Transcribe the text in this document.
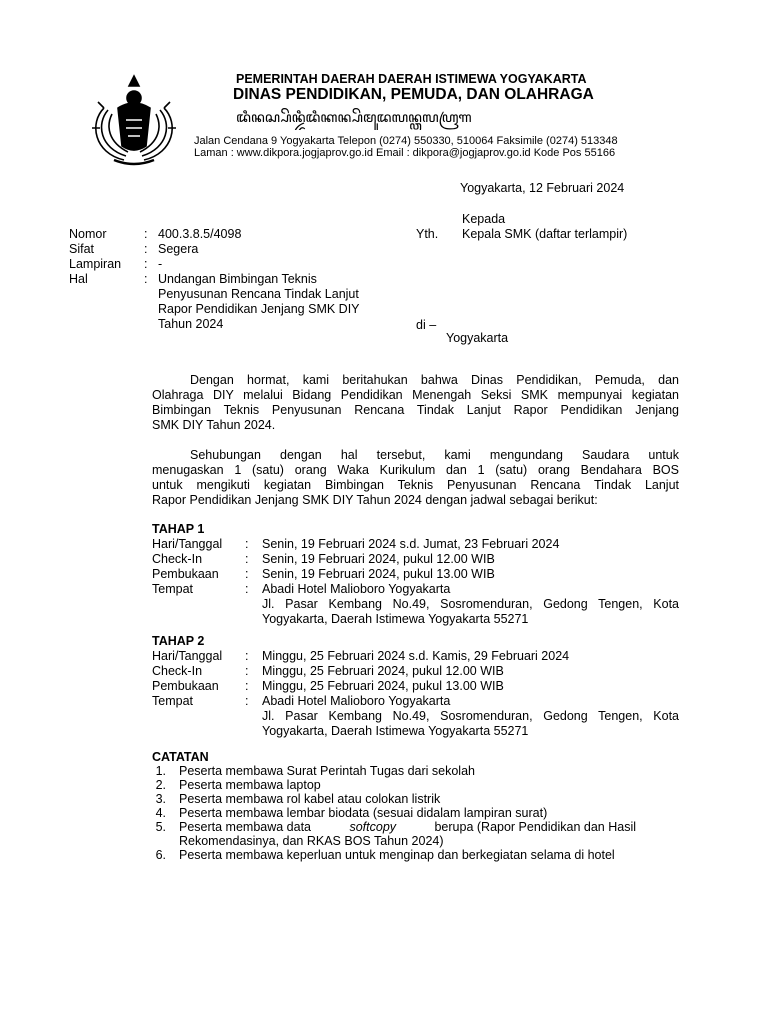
PEMERINTAH DAERAH DAERAH ISTIMEWA YOGYAKARTA
DINAS PENDIDIKAN, PEMUDA, DAN OLAHRAGA
ꦢꦶꦤꦱ꧀ꦥꦼꦤ꧀ꦢꦶꦢꦶꦏꦤ꧀ꦥꦼꦩꦸꦢꦭꦤ꧀ꦎꦭꦲꦿꦒ
Jalan Cendana 9 Yogyakarta Telepon (0274) 550330, 510064 Faksimile (0274) 513348
Laman : www.dikpora.jogjaprov.go.id Email : dikpora@jogjaprov.go.id Kode Pos 55166
Yogyakarta, 12 Februari 2024
Kepada
Yth. Kepala SMK (daftar terlampir)
di –
Yogyakarta
Nomor	: 400.3.8.5/4098
Sifat	: Segera
Lampiran : -
Hal	: Undangan Bimbingan Teknis
Penyusunan Rencana Tindak Lanjut
Rapor Pendidikan Jenjang SMK DIY
Tahun 2024
Dengan hormat, kami beritahukan bahwa Dinas Pendidikan, Pemuda, dan
Olahraga DIY melalui Bidang Pendidikan Menengah Seksi SMK mempunyai kegiatan
Bimbingan Teknis Penyusunan Rencana Tindak Lanjut Rapor Pendidikan Jenjang
SMK DIY Tahun 2024.
Sehubungan dengan hal tersebut, kami mengundang Saudara untuk
menugaskan 1 (satu) orang Waka Kurikulum dan 1 (satu) orang Bendahara BOS
untuk mengikuti kegiatan Bimbingan Teknis Penyusunan Rencana Tindak Lanjut
Rapor Pendidikan Jenjang SMK DIY Tahun 2024 dengan jadwal sebagai berikut:
TAHAP 1
Hari/Tanggal : Senin, 19 Februari 2024 s.d. Jumat, 23 Februari 2024
Check-In	: Senin, 19 Februari 2024, pukul 12.00 WIB
Pembukaan : Senin, 19 Februari 2024, pukul 13.00 WIB
Tempat	: Abadi Hotel Malioboro Yogyakarta
Jl. Pasar Kembang No.49, Sosromenduran, Gedong Tengen, Kota
Yogyakarta, Daerah Istimewa Yogyakarta 55271
TAHAP 2
Hari/Tanggal : Minggu, 25 Februari 2024 s.d. Kamis, 29 Februari 2024
Check-In	: Minggu, 25 Februari 2024, pukul 12.00 WIB
Pembukaan : Minggu, 25 Februari 2024, pukul 13.00 WIB
Tempat	: Abadi Hotel Malioboro Yogyakarta
Jl. Pasar Kembang No.49, Sosromenduran, Gedong Tengen, Kota
Yogyakarta, Daerah Istimewa Yogyakarta 55271
CATATAN
1. Peserta membawa Surat Perintah Tugas dari sekolah
2. Peserta membawa laptop
3. Peserta membawa rol kabel atau colokan listrik
4. Peserta membawa lembar biodata (sesuai didalam lampiran surat)
5. Peserta membawa data	softcopy	berupa (Rapor Pendidikan dan Hasil
Rekomendasinya, dan RKAS BOS Tahun 2024)
6. Peserta membawa keperluan untuk menginap dan berkegiatan selama di hotel
